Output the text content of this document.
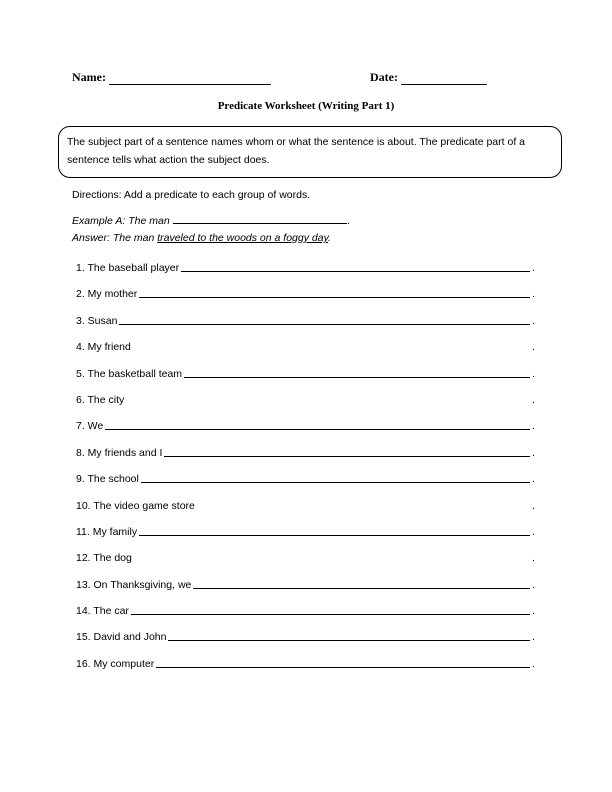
Name:	Date:
Predicate Worksheet (Writing Part 1)
The subject part of a sentence names whom or what the sentence is about. The predicate part of a sentence tells what action the subject does.
Directions: Add a predicate to each group of words.
Example A: The man	.
Answer: The man traveled to the woods on a foggy day.
1. The baseball player	.
2. My mother	.
3. Susan	.
4. My friend	.
5. The basketball team	.
6. The city	.
7. We	.
8. My friends and I	.
9. The school	.
10. The video game store	.
11. My family	.
12. The dog	.
13. On Thanksgiving, we	.
14. The car	.
15. David and John	.
16. My computer	.
